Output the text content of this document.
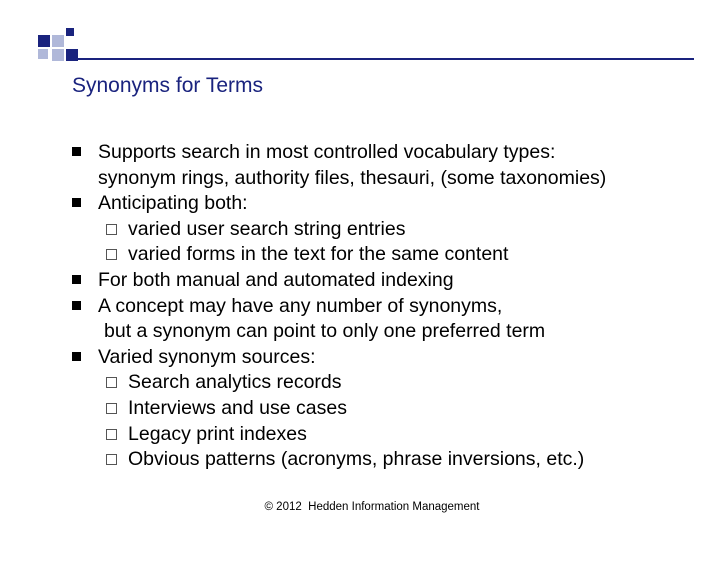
Synonyms for Terms
Supports search in most controlled vocabulary types:
synonym rings, authority files, thesauri, (some taxonomies)
Anticipating both:
varied user search string entries
varied forms in the text for the same content
For both manual and automated indexing
A concept may have any number of synonyms,
but a synonym can point to only one preferred term
Varied synonym sources:
Search analytics records
Interviews and use cases
Legacy print indexes
Obvious patterns (acronyms, phrase inversions, etc.)
© 2012  Hedden Information Management
